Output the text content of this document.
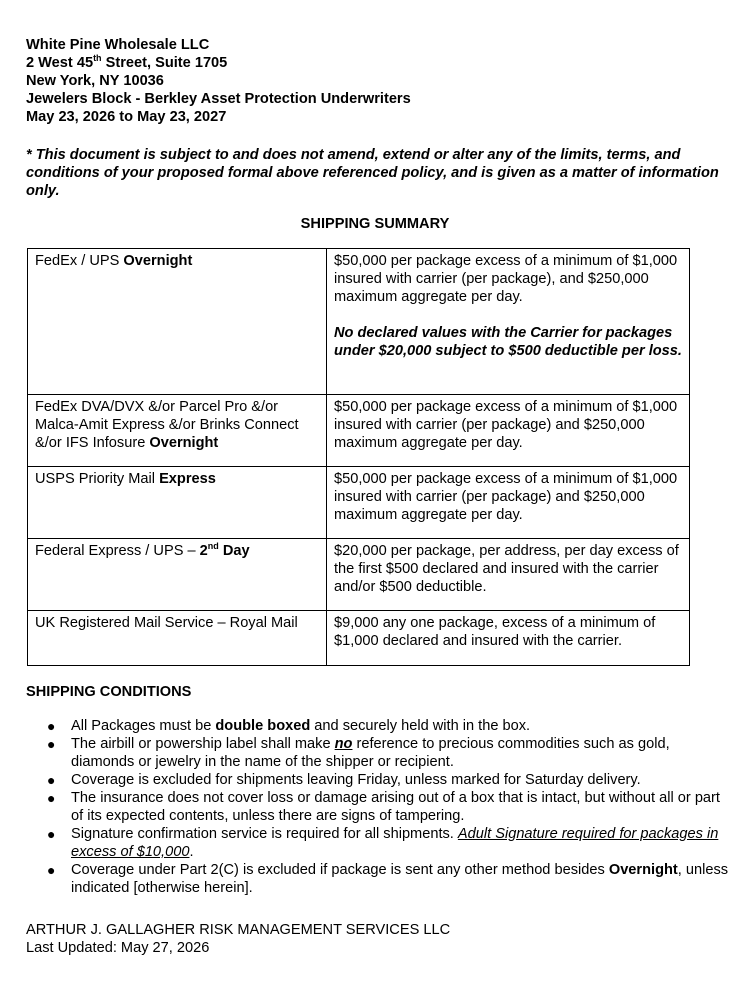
White Pine Wholesale LLC
2 West 45th Street, Suite 1705
New York, NY 10036
Jewelers Block - Berkley Asset Protection Underwriters
May 23, 2026 to May 23, 2027
* This document is subject to and does not amend, extend or alter any of the limits, terms, and conditions of your proposed formal above referenced policy, and is given as a matter of information only.
SHIPPING SUMMARY
FedEx / UPS Overnight	$50,000 per package excess of a minimum of $1,000 insured with carrier (per package), and $250,000 maximum aggregate per day.
No declared values with the Carrier for packages under $20,000 subject to $500 deductible per loss.

FedEx DVA/DVX &/or Parcel Pro &/or Malca-Amit Express &/or Brinks Connect &/or IFS Infosure Overnight	$50,000 per package excess of a minimum of $1,000 insured with carrier (per package) and $250,000 maximum aggregate per day.

USPS Priority Mail Express	$50,000 per package excess of a minimum of $1,000 insured with carrier (per package) and $250,000 maximum aggregate per day.

Federal Express / UPS – 2nd Day	$20,000 per package, per address, per day excess of the first $500 declared and insured with the carrier and/or $500 deductible.

UK Registered Mail Service – Royal Mail	$9,000 any one package, excess of a minimum of $1,000 declared and insured with the carrier.
SHIPPING CONDITIONS
● All Packages must be double boxed and securely held with in the box.
● The airbill or powership label shall make no reference to precious commodities such as gold, diamonds or jewelry in the name of the shipper or recipient.
● Coverage is excluded for shipments leaving Friday, unless marked for Saturday delivery.
● The insurance does not cover loss or damage arising out of a box that is intact, but without all or part of its expected contents, unless there are signs of tampering.
● Signature confirmation service is required for all shipments. Adult Signature required for packages in excess of $10,000.
● Coverage under Part 2(C) is excluded if package is sent any other method besides Overnight, unless indicated [otherwise herein].
ARTHUR J. GALLAGHER RISK MANAGEMENT SERVICES LLC
Last Updated: May 27, 2026
